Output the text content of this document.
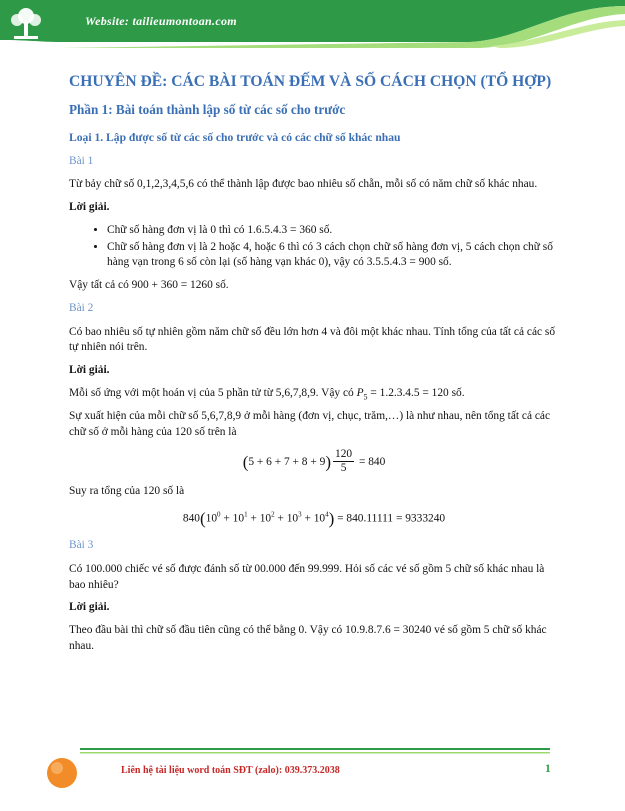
Website: tailieumontoan.com
CHUYÊN ĐỀ: CÁC BÀI TOÁN ĐẾM VÀ SỐ CÁCH CHỌN (TỔ HỢP)
Phần 1: Bài toán thành lập số từ các số cho trước
Loại 1. Lập được số từ các số cho trước và có các chữ số khác nhau
Bài 1

Từ bảy chữ số 0,1,2,3,4,5,6 có thể thành lập được bao nhiêu số chẵn, mỗi số có năm chữ số khác nhau.

Lời giải.
• Chữ số hàng đơn vị là 0 thì có 1.6.5.4.3 = 360 số.
• Chữ số hàng đơn vị là 2 hoặc 4, hoặc 6 thì có 3 cách chọn chữ số hàng đơn vị, 5 cách chọn chữ số hàng vạn trong 6 số còn lại (số hàng vạn khác 0), vậy có 3.5.5.4.3 = 900 số.

Vậy tất cả có 900 + 360 = 1260 số.

Bài 2

Có bao nhiêu số tự nhiên gồm năm chữ số đều lớn hơn 4 và đôi một khác nhau. Tính tổng của tất cả các số tự nhiên nói trên.

Lời giải.

Mỗi số ứng với một hoán vị của 5 phần tử từ 5,6,7,8,9. Vậy có $P_5 = 1.2.3.4.5 = 120$ số.

Sự xuất hiện của mỗi chữ số 5,6,7,8,9 ở mỗi hàng (đơn vị, chục, trăm,…) là như nhau, nên tổng tất cả các chữ số ở mỗi hàng của 120 số trên là

$(5 + 6 + 7 + 8 + 9) \frac{120}{5} = 840$

Suy ra tổng của 120 số là

$840(10^0 + 10^1 + 10^2 + 10^3 + 10^4) = 840.11111 = 9333240$
Bài 3

Có 100.000 chiếc vé số được đánh số từ 00.000 đến 99.999. Hỏi số các vé số gồm 5 chữ số khác nhau là bao nhiêu?

Lời giải.

Theo đầu bài thì chữ số đầu tiên cũng có thể bằng 0. Vậy có 10.9.8.7.6 = 30240 vé số gồm 5 chữ số khác nhau.

Liên hệ tài liệu word toán SĐT (zalo): 039.373.2038	1
